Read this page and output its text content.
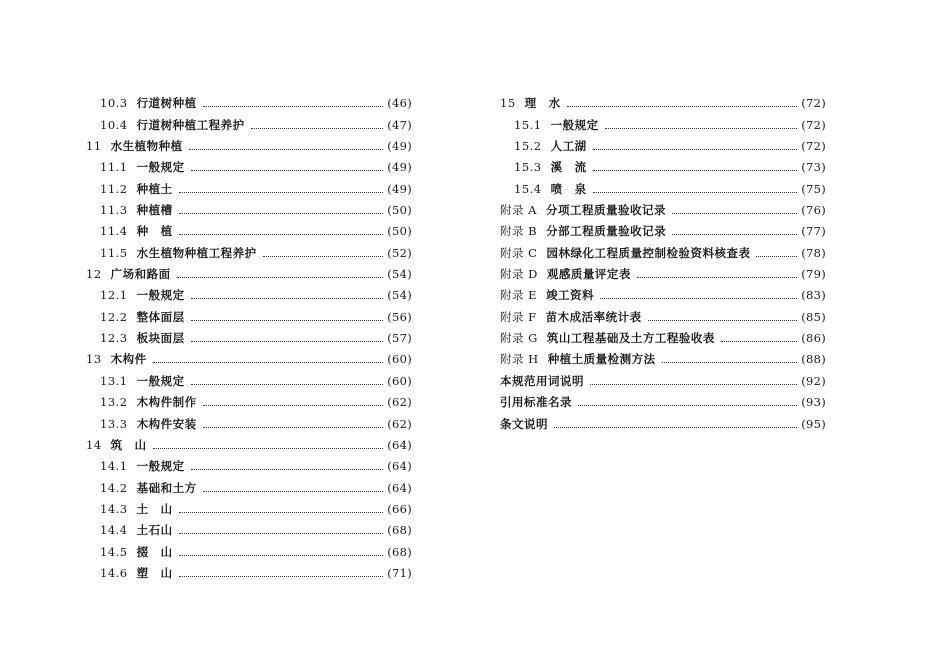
10.3 行道树种植	(46)
10.4 行道树种植工程养护	(47)
11 水生植物种植	(49)
11.1 一般规定	(49)
11.2 种植土	(49)
11.3 种植槽	(50)
11.4 种　植	(50)
11.5 水生植物种植工程养护	(52)
12 广场和路面	(54)
12.1 一般规定	(54)
12.2 整体面层	(56)
12.3 板块面层	(57)
13 木构件	(60)
13.1 一般规定	(60)
13.2 木构件制作	(62)
13.3 木构件安装	(62)
14 筑　山	(64)
14.1 一般规定	(64)
14.2 基础和土方	(64)
14.3 土　山	(66)
14.4 土石山	(68)
14.5 掇　山	(68)
14.6 塑　山	(71)
15 理　水	(72)
15.1 一般规定	(72)
15.2 人工湖	(72)
15.3 溪　流	(73)
15.4 喷　泉	(75)
附录 A 分项工程质量验收记录	(76)
附录 B 分部工程质量验收记录	(77)
附录 C 园林绿化工程质量控制检验资料核查表	(78)
附录 D 观感质量评定表	(79)
附录 E 竣工资料	(83)
附录 F 苗木成活率统计表	(85)
附录 G 筑山工程基础及土方工程验收表	(86)
附录 H 种植土质量检测方法	(88)
本规范用词说明	(92)
引用标准名录	(93)
条文说明	(95)
